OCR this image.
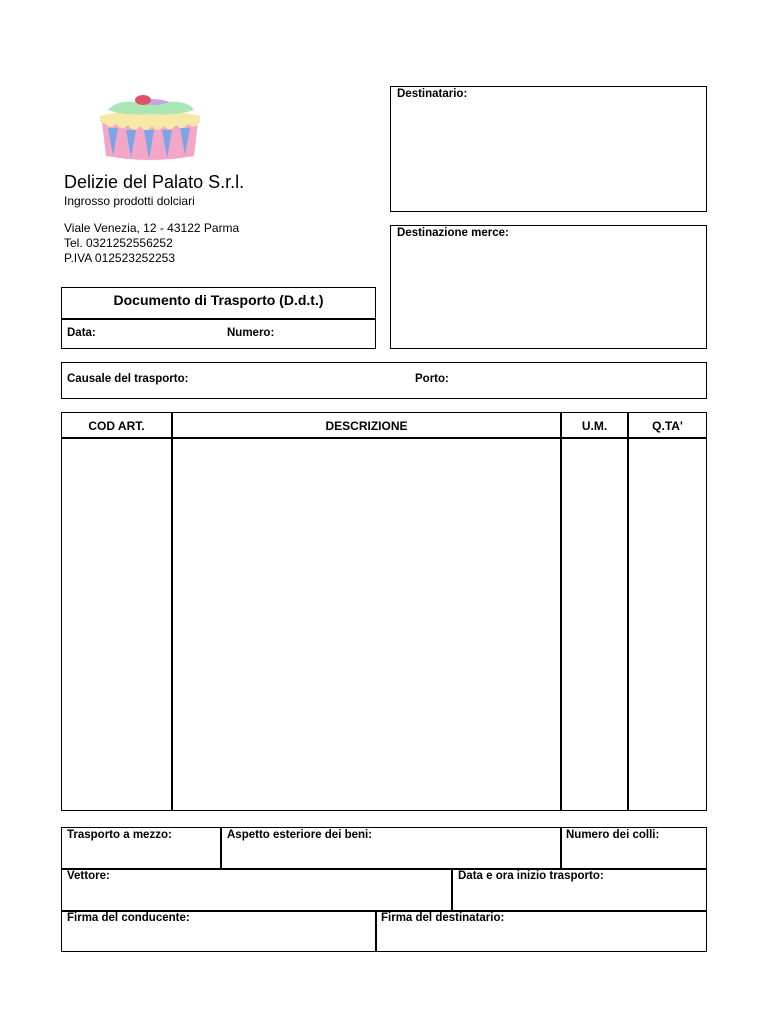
Delizie del Palato S.r.l.
Ingrosso prodotti dolciari
Viale Venezia, 12 - 43122 Parma
Tel. 0321252556252
P.IVA 012523252253
Destinatario:
Destinazione merce:
Documento di Trasporto (D.d.t.)
Data:	Numero:
Causale del trasporto:	Porto:
COD ART.	DESCRIZIONE	U.M.	Q.TA'
Trasporto a mezzo:	Aspetto esteriore dei beni:	Numero dei colli:
Vettore:	Data e ora inizio trasporto:
Firma del conducente:	Firma del destinatario:
